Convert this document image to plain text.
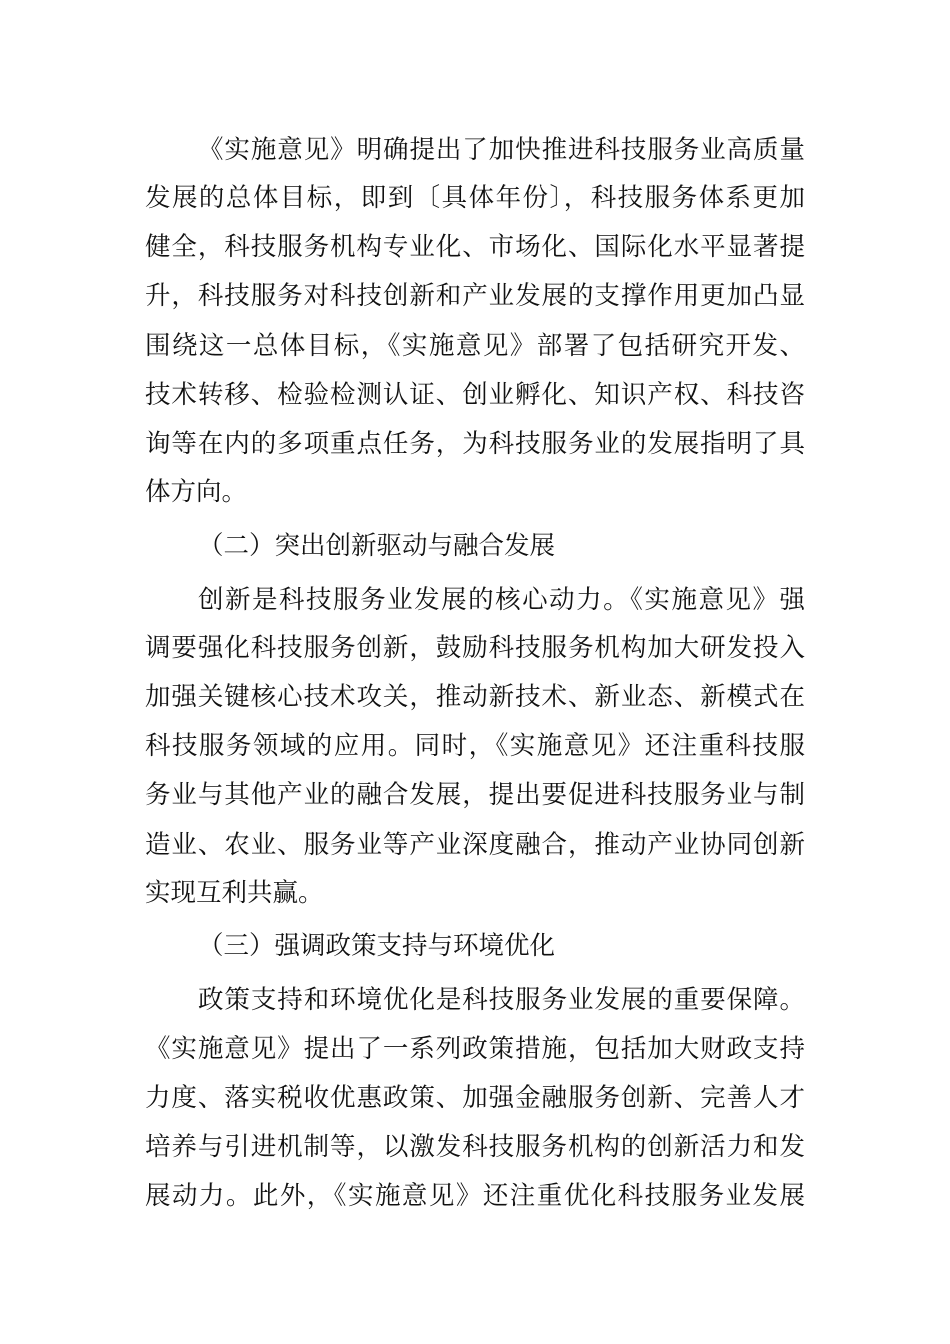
《实施意见》明确提出了加快推进科技服务业高质量
发展的总体目标，即到〔具体年份〕，科技服务体系更加
健全，科技服务机构专业化、市场化、国际化水平显著提
升，科技服务对科技创新和产业发展的支撑作用更加凸显
围绕这一总体目标，《实施意见》部署了包括研究开发、
技术转移、检验检测认证、创业孵化、知识产权、科技咨
询等在内的多项重点任务，为科技服务业的发展指明了具
体方向。
（二）突出创新驱动与融合发展
创新是科技服务业发展的核心动力。《实施意见》强
调要强化科技服务创新，鼓励科技服务机构加大研发投入
加强关键核心技术攻关，推动新技术、新业态、新模式在
科技服务领域的应用。同时，《实施意见》还注重科技服
务业与其他产业的融合发展，提出要促进科技服务业与制
造业、农业、服务业等产业深度融合，推动产业协同创新
实现互利共赢。
（三）强调政策支持与环境优化
政策支持和环境优化是科技服务业发展的重要保障。
《实施意见》提出了一系列政策措施，包括加大财政支持
力度、落实税收优惠政策、加强金融服务创新、完善人才
培养与引进机制等，以激发科技服务机构的创新活力和发
展动力。此外，《实施意见》还注重优化科技服务业发展
